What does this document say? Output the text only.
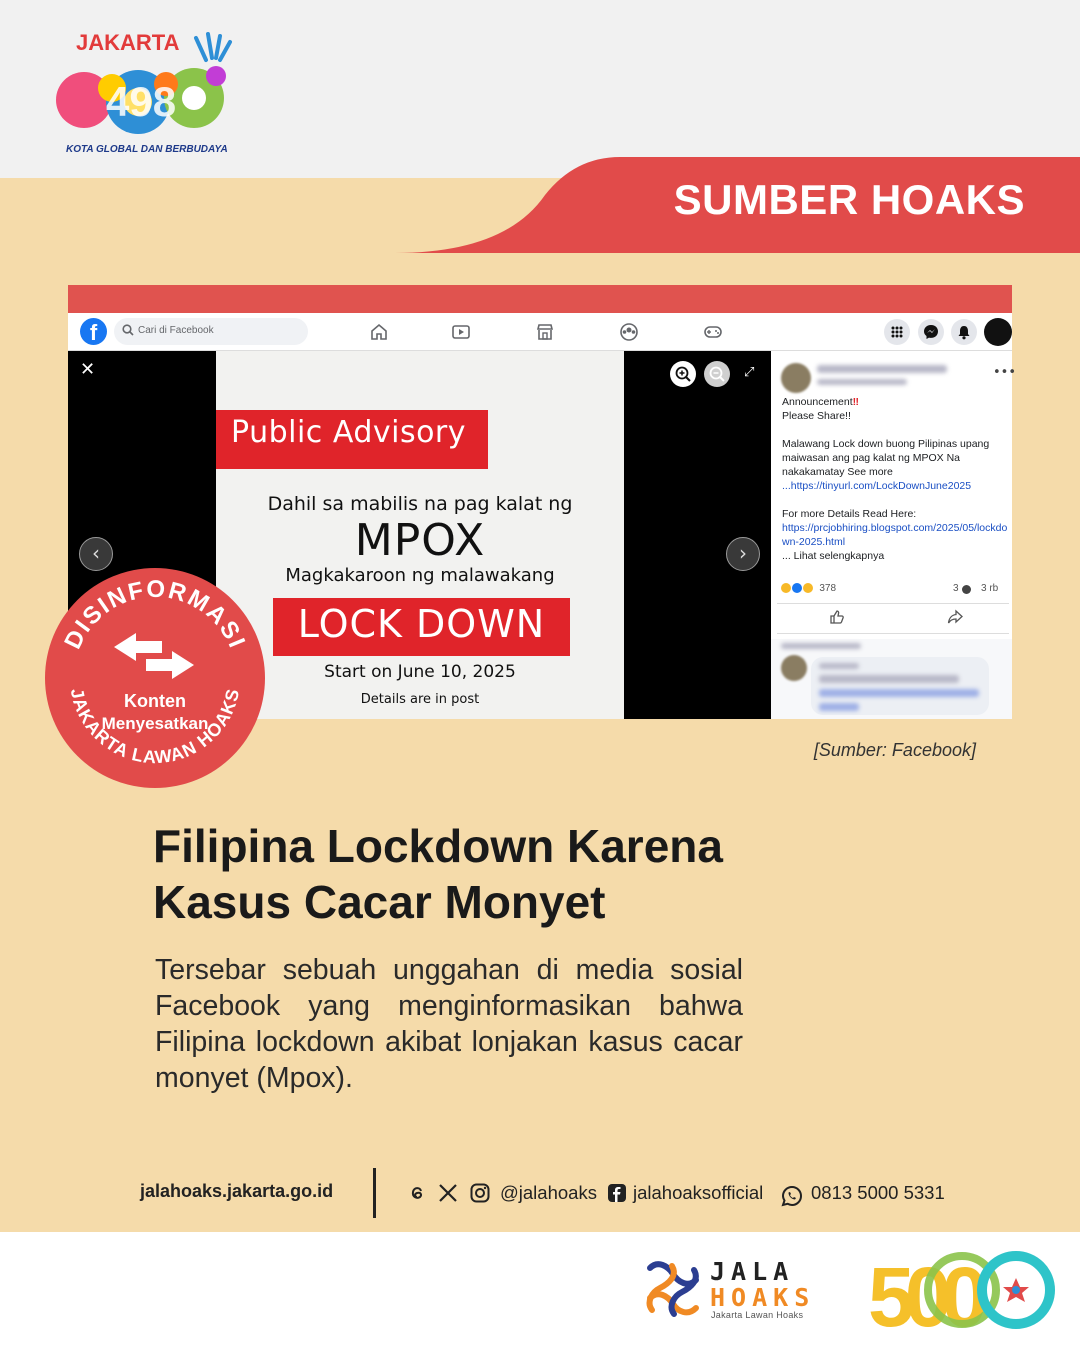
JAKARTA
498
KOTA GLOBAL DAN BERBUDAYA
SUMBER HOAKS
f	Cari di Facebook
✕
Public Advisory
Dahil sa mabilis na pag kalat ng
MPOX
Magkakaroon ng malawakang
LOCK DOWN
Start on June 10, 2025
Details are in post
‹	›
⤢	•••
Announcement‼
Please Share!!
Malawang Lock down buong Pilipinas upang maiwasan ang pag kalat ng MPOX Na nakakamatay See more
...https://tinyurl.com/LockDownJune2025
For more Details Read Here:
https://prcjobhiring.blogspot.com/2025/05/lockdown-2025.html
... Lihat selengkapnya
378	3 3 rb
[Sumber: Facebook]
DISINFORMASI
JAKARTA LAWAN HOAKS
Konten
Menyesatkan
Filipina Lockdown Karena Kasus Cacar Monyet
Tersebar sebuah unggahan di media sosial Facebook yang menginformasikan bahwa Filipina lockdown akibat lonjakan kasus cacar monyet (Mpox).
jalahoaks.jakarta.go.id	@jalahoaks jalahoaksofficial	0813 5000 5331
JALA
HOAKS
Jakarta Lawan Hoaks 500
